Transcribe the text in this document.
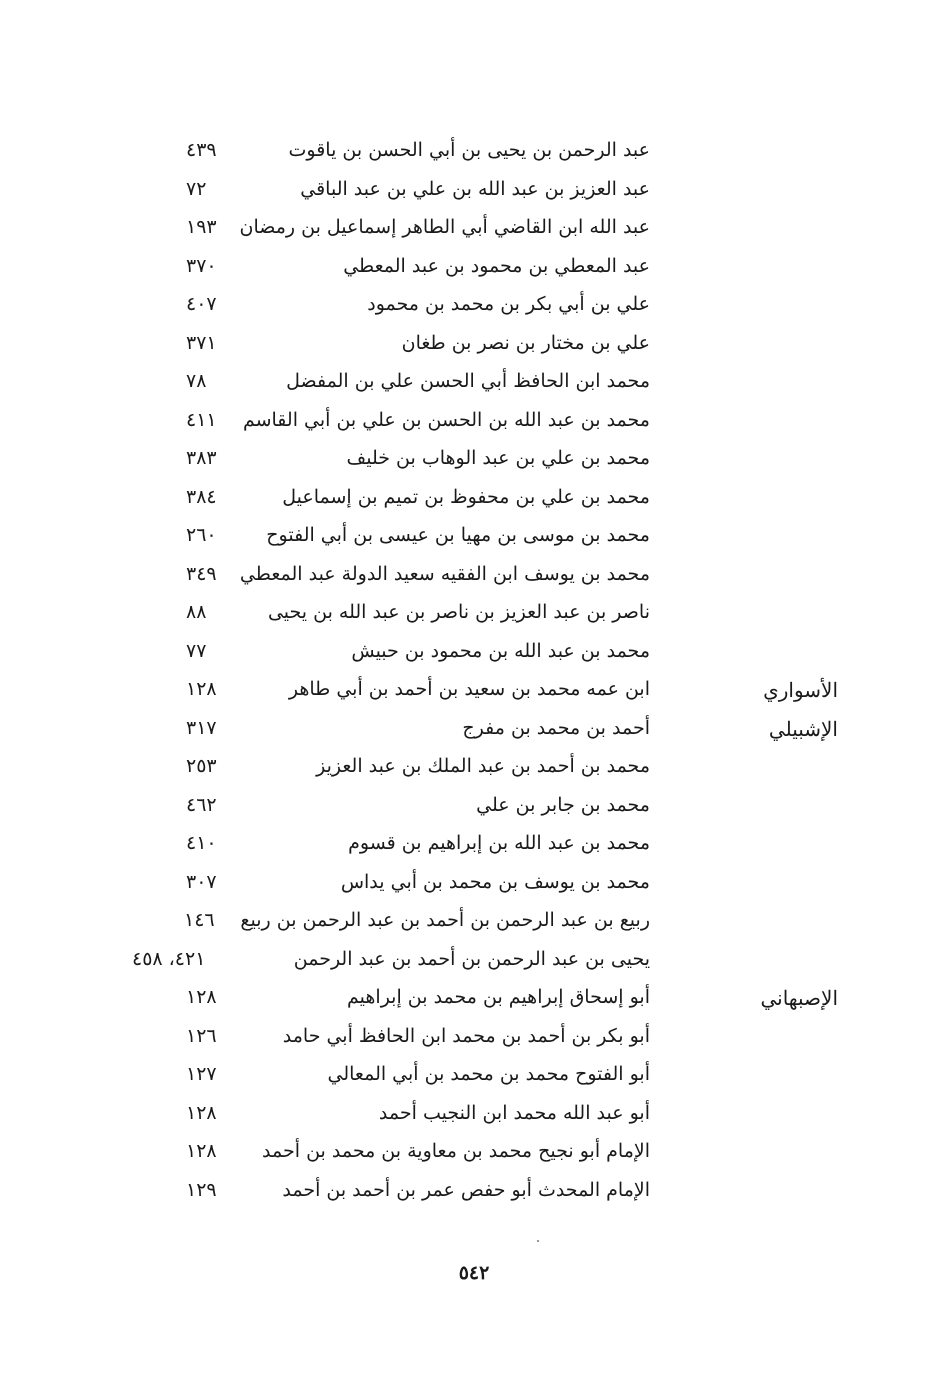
عبد الرحمن بن يحيى بن أبي الحسن بن ياقوت
٤٣٩
عبد العزيز بن عبد الله بن علي بن عبد الباقي
٧٢
عبد الله ابن القاضي أبي الطاهر إسماعيل بن رمضان
١٩٣
عبد المعطي بن محمود بن عبد المعطي
٣٧٠
علي بن أبي بكر بن محمد بن محمود
٤٠٧
علي بن مختار بن نصر بن طغان
٣٧١
محمد ابن الحافظ أبي الحسن علي بن المفضل
٧٨
محمد بن عبد الله بن الحسن بن علي بن أبي القاسم
٤١١
محمد بن علي بن عبد الوهاب بن خليف
٣٨٣
محمد بن علي بن محفوظ بن تميم بن إسماعيل
٣٨٤
محمد بن موسى بن مهيا بن عيسى بن أبي الفتوح
٢٦٠
محمد بن يوسف ابن الفقيه سعيد الدولة عبد المعطي
٣٤٩
ناصر بن عبد العزيز بن ناصر بن عبد الله بن يحيى
٨٨
محمد بن عبد الله بن محمود بن حبيش
٧٧
الأسواري
ابن عمه محمد بن سعيد بن أحمد بن أبي طاهر
١٢٨
الإشبيلي
أحمد بن محمد بن مفرج
٣١٧
محمد بن أحمد بن عبد الملك بن عبد العزيز
٢٥٣
محمد بن جابر بن علي
٤٦٢
محمد بن عبد الله بن إبراهيم بن قسوم
٤١٠
محمد بن يوسف بن محمد بن أبي يداس
٣٠٧
ربيع بن عبد الرحمن بن أحمد بن عبد الرحمن بن ربيع
١٤٦
يحيى بن عبد الرحمن بن أحمد بن عبد الرحمن
٤٢١، ٤٥٨
الإصبهاني
أبو إسحاق إبراهيم بن محمد بن إبراهيم
١٢٨
أبو بكر بن أحمد بن محمد ابن الحافظ أبي حامد
١٢٦
أبو الفتوح محمد بن محمد بن أبي المعالي
١٢٧
أبو عبد الله محمد ابن النجيب أحمد
١٢٨
الإمام أبو نجيح محمد بن معاوية بن محمد بن أحمد
١٢٨
الإمام المحدث أبو حفص عمر بن أحمد بن أحمد
١٢٩
٥٤٢
